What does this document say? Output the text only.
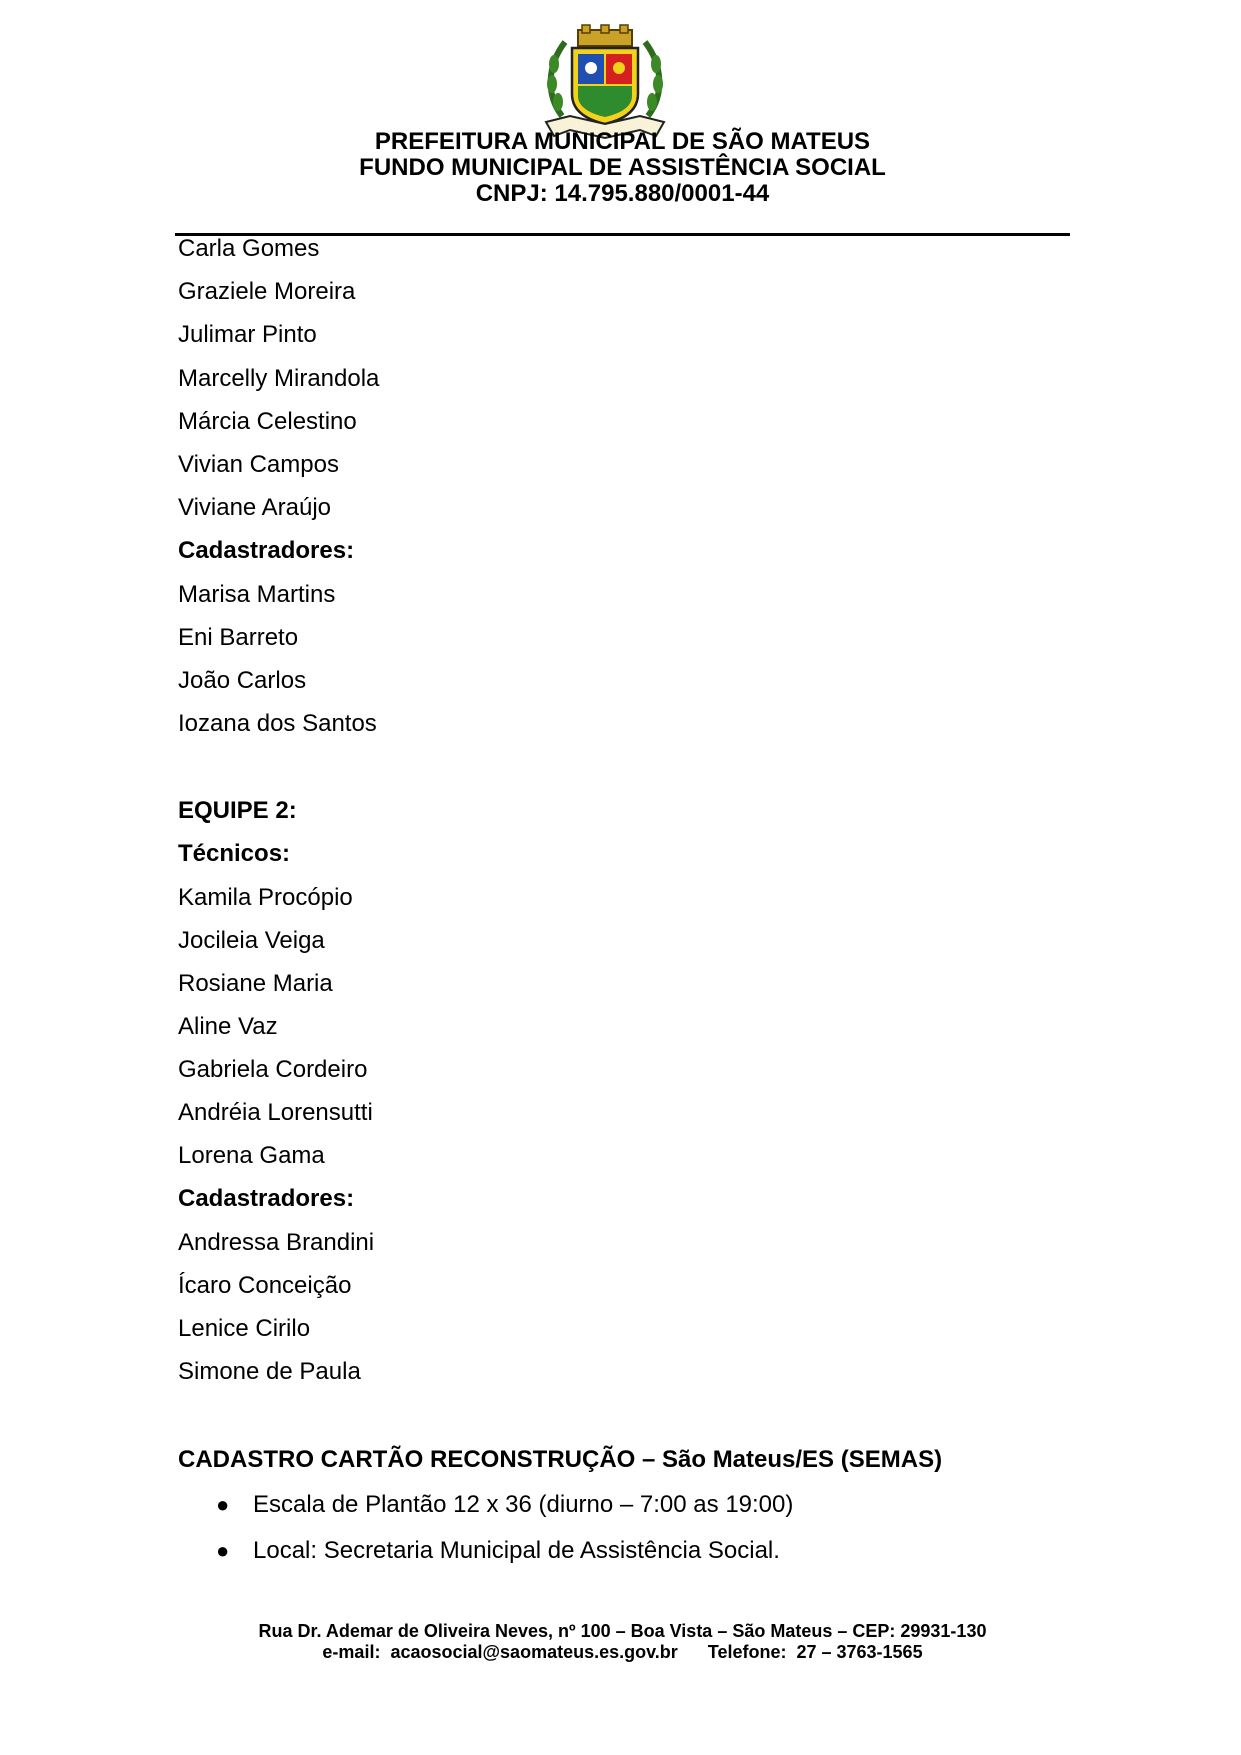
PREFEITURA MUNICIPAL DE SÃO MATEUS
FUNDO MUNICIPAL DE ASSISTÊNCIA SOCIAL
CNPJ: 14.795.880/0001-44
Carla Gomes
Graziele Moreira
Julimar Pinto
Marcelly Mirandola
Márcia Celestino
Vivian Campos
Viviane Araújo
Cadastradores:
Marisa Martins
Eni Barreto
João Carlos
Iozana dos Santos
EQUIPE 2:
Técnicos:
Kamila Procópio
Jocileia Veiga
Rosiane Maria
Aline Vaz
Gabriela Cordeiro
Andréia Lorensutti
Lorena Gama
Cadastradores:
Andressa Brandini
Ícaro Conceição
Lenice Cirilo
Simone de Paula
CADASTRO CARTÃO RECONSTRUÇÃO – São Mateus/ES (SEMAS)
● Escala de Plantão 12 x 36 (diurno – 7:00 as 19:00)
● Local: Secretaria Municipal de Assistência Social.
Rua Dr. Ademar de Oliveira Neves, nº 100 – Boa Vista – São Mateus – CEP: 29931-130
e-mail:  acaosocial@saomateus.es.gov.br      Telefone:  27 – 3763-1565
